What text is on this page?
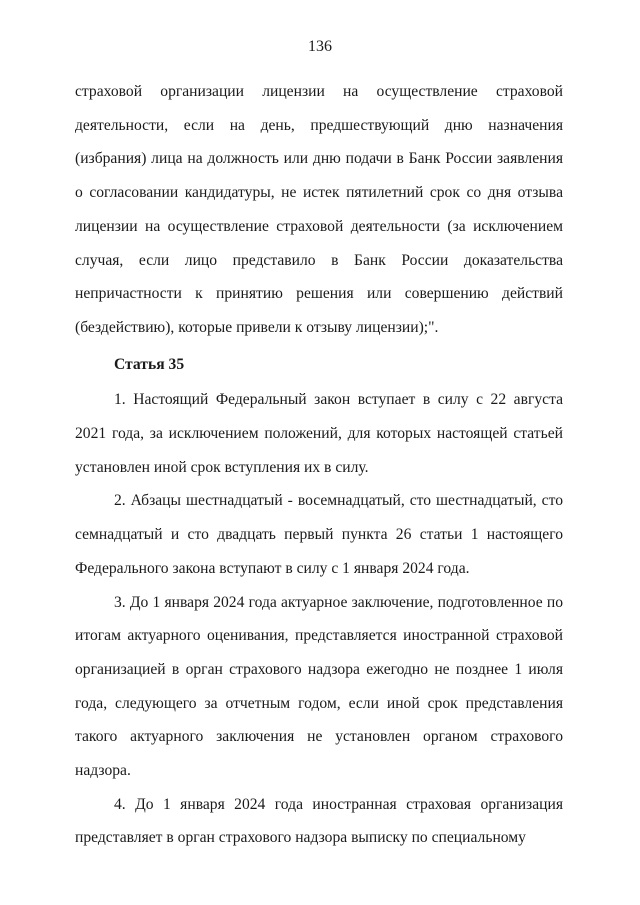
136

страховой организации лицензии на осуществление страховой деятельности, если на день, предшествующий дню назначения (избрания) лица на должность или дню подачи в Банк России заявления о согласовании кандидатуры, не истек пятилетний срок со дня отзыва лицензии на осуществление страховой деятельности (за исключением случая, если лицо представило в Банк России доказательства непричастности к принятию решения или совершению действий (бездействию), которые привели к отзыву лицензии);".

Статья 35

1. Настоящий Федеральный закон вступает в силу с 22 августа 2021 года, за исключением положений, для которых настоящей статьей установлен иной срок вступления их в силу.

2. Абзацы шестнадцатый - восемнадцатый, сто шестнадцатый, сто семнадцатый и сто двадцать первый пункта 26 статьи 1 настоящего Федерального закона вступают в силу с 1 января 2024 года.

3. До 1 января 2024 года актуарное заключение, подготовленное по итогам актуарного оценивания, представляется иностранной страховой организацией в орган страхового надзора ежегодно не позднее 1 июля года, следующего за отчетным годом, если иной срок представления такого актуарного заключения не установлен органом страхового надзора.

4. До 1 января 2024 года иностранная страховая организация представляет в орган страхового надзора выписку по специальному
